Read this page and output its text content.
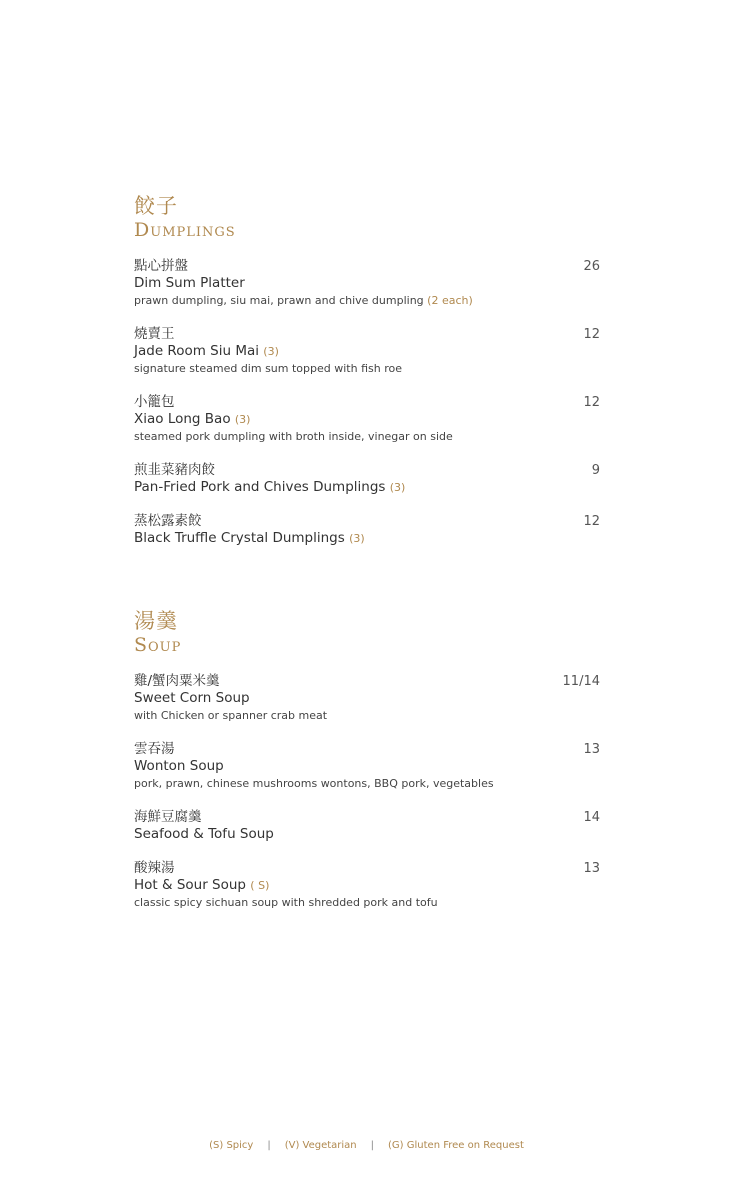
餃子
Dumplings
點心拼盤
Dim Sum Platter
prawn dumpling, siu mai, prawn and chive dumpling (2 each)
26
燒賣王
Jade Room Siu Mai (3)
signature steamed dim sum topped with fish roe
12
小籠包
Xiao Long Bao (3)
steamed pork dumpling with broth inside, vinegar on side
12
煎韭菜豬肉餃
Pan-Fried Pork and Chives Dumplings (3)
9
蒸松露素餃
Black Truffle Crystal Dumplings (3)
12
湯羹
Soup
雞/蟹肉粟米羹
Sweet Corn Soup
with Chicken or spanner crab meat
11/14
雲吞湯
Wonton Soup
pork, prawn, chinese mushrooms wontons, BBQ pork, vegetables
13
海鮮豆腐羹
Seafood & Tofu Soup
14
酸辣湯
Hot & Sour Soup ( S)
classic spicy sichuan soup with shredded pork and tofu
13
(S) Spicy | (V) Vegetarian | (G) Gluten Free on Request
